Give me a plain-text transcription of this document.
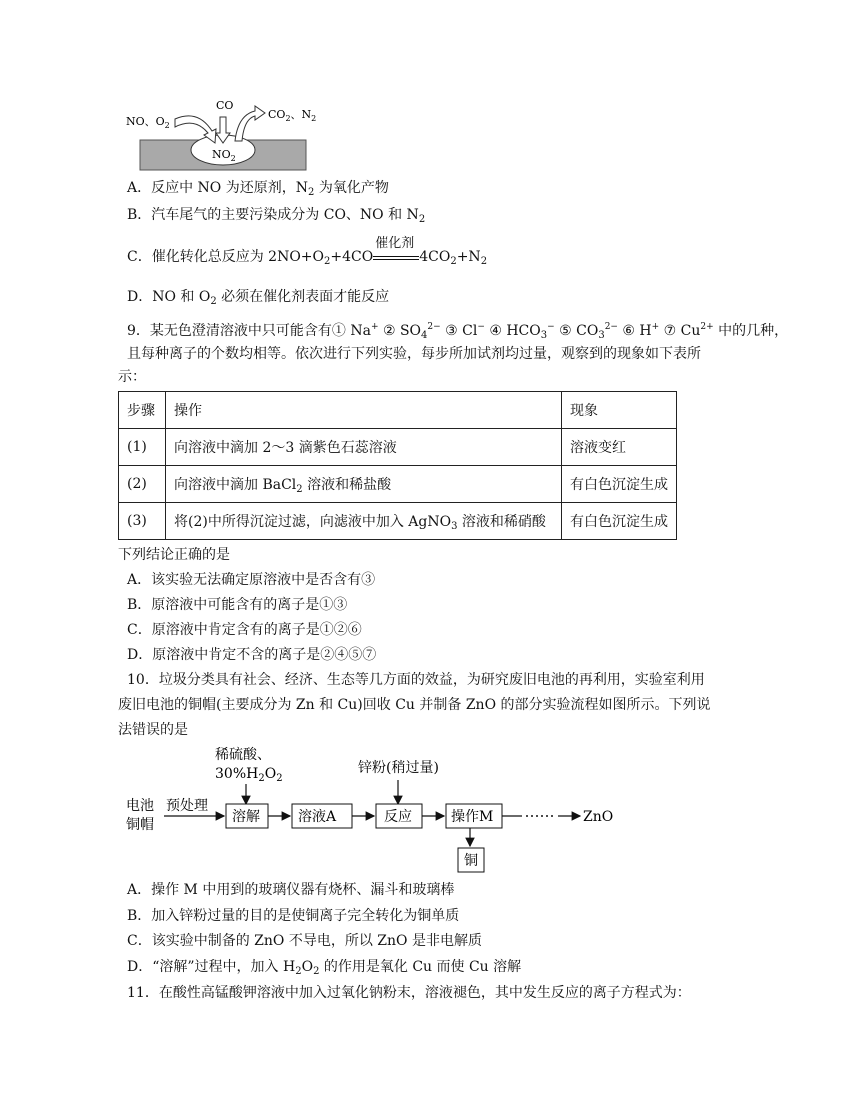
NO、$O_2$
CO
$CO_2$、$N_2$
$NO_2$
A．反应中 NO 为还原剂，$N_2$ 为氧化产物
B．汽车尾气的主要污染成分为 CO、NO 和 $N_2$
C．催化转化总反应为 $2NO+O_2+4CO$
催化剂
$4CO_2+N_2$
D．NO 和 $O_2$ 必须在催化剂表面才能反应
9．某无色澄清溶液中只可能含有① Na+ ② $SO_4^{2-}$ ③ Cl− ④ $HCO_3^-$ ⑤ $CO_3^{2-}$ ⑥ H+ ⑦ $Cu^{2+}$ 中的几种，
且每种离子的个数均相等。依次进行下列实验，每步所加试剂均过量，观察到的现象如下表所
示：
步骤	操作	现象
(1)	向溶液中滴加 2～3 滴紫色石蕊溶液	溶液变红
(2)	向溶液中滴加 BaCl$_2$ 溶液和稀盐酸	有白色沉淀生成
(3)	将(2)中所得沉淀过滤，向滤液中加入 AgNO$_3$ 溶液和稀硝酸	有白色沉淀生成
下列结论正确的是
A．该实验无法确定原溶液中是否含有③
B．原溶液中可能含有的离子是①③
C．原溶液中肯定含有的离子是①②⑥
D．原溶液中肯定不含的离子是②④⑤⑦
10．垃圾分类具有社会、经济、生态等几方面的效益，为研究废旧电池的再利用，实验室利用
废旧电池的铜帽(主要成分为 Zn 和 Cu)回收 Cu 并制备 ZnO 的部分实验流程如图所示。下列说
法错误的是
稀硫酸、
$30\%H_2O_2$
锌粉(稍过量)
电池
铜帽
预处理
溶解	溶液A	反应	操作M	ZnO
铜
A．操作 M 中用到的玻璃仪器有烧杯、漏斗和玻璃棒
B．加入锌粉过量的目的是使铜离子完全转化为铜单质
C．该实验中制备的 ZnO 不导电，所以 ZnO 是非电解质
D．“溶解”过程中，加入 $H_2O_2$ 的作用是氧化 Cu 而使 Cu 溶解
11．在酸性高锰酸钾溶液中加入过氧化钠粉末，溶液褪色，其中发生反应的离子方程式为：
